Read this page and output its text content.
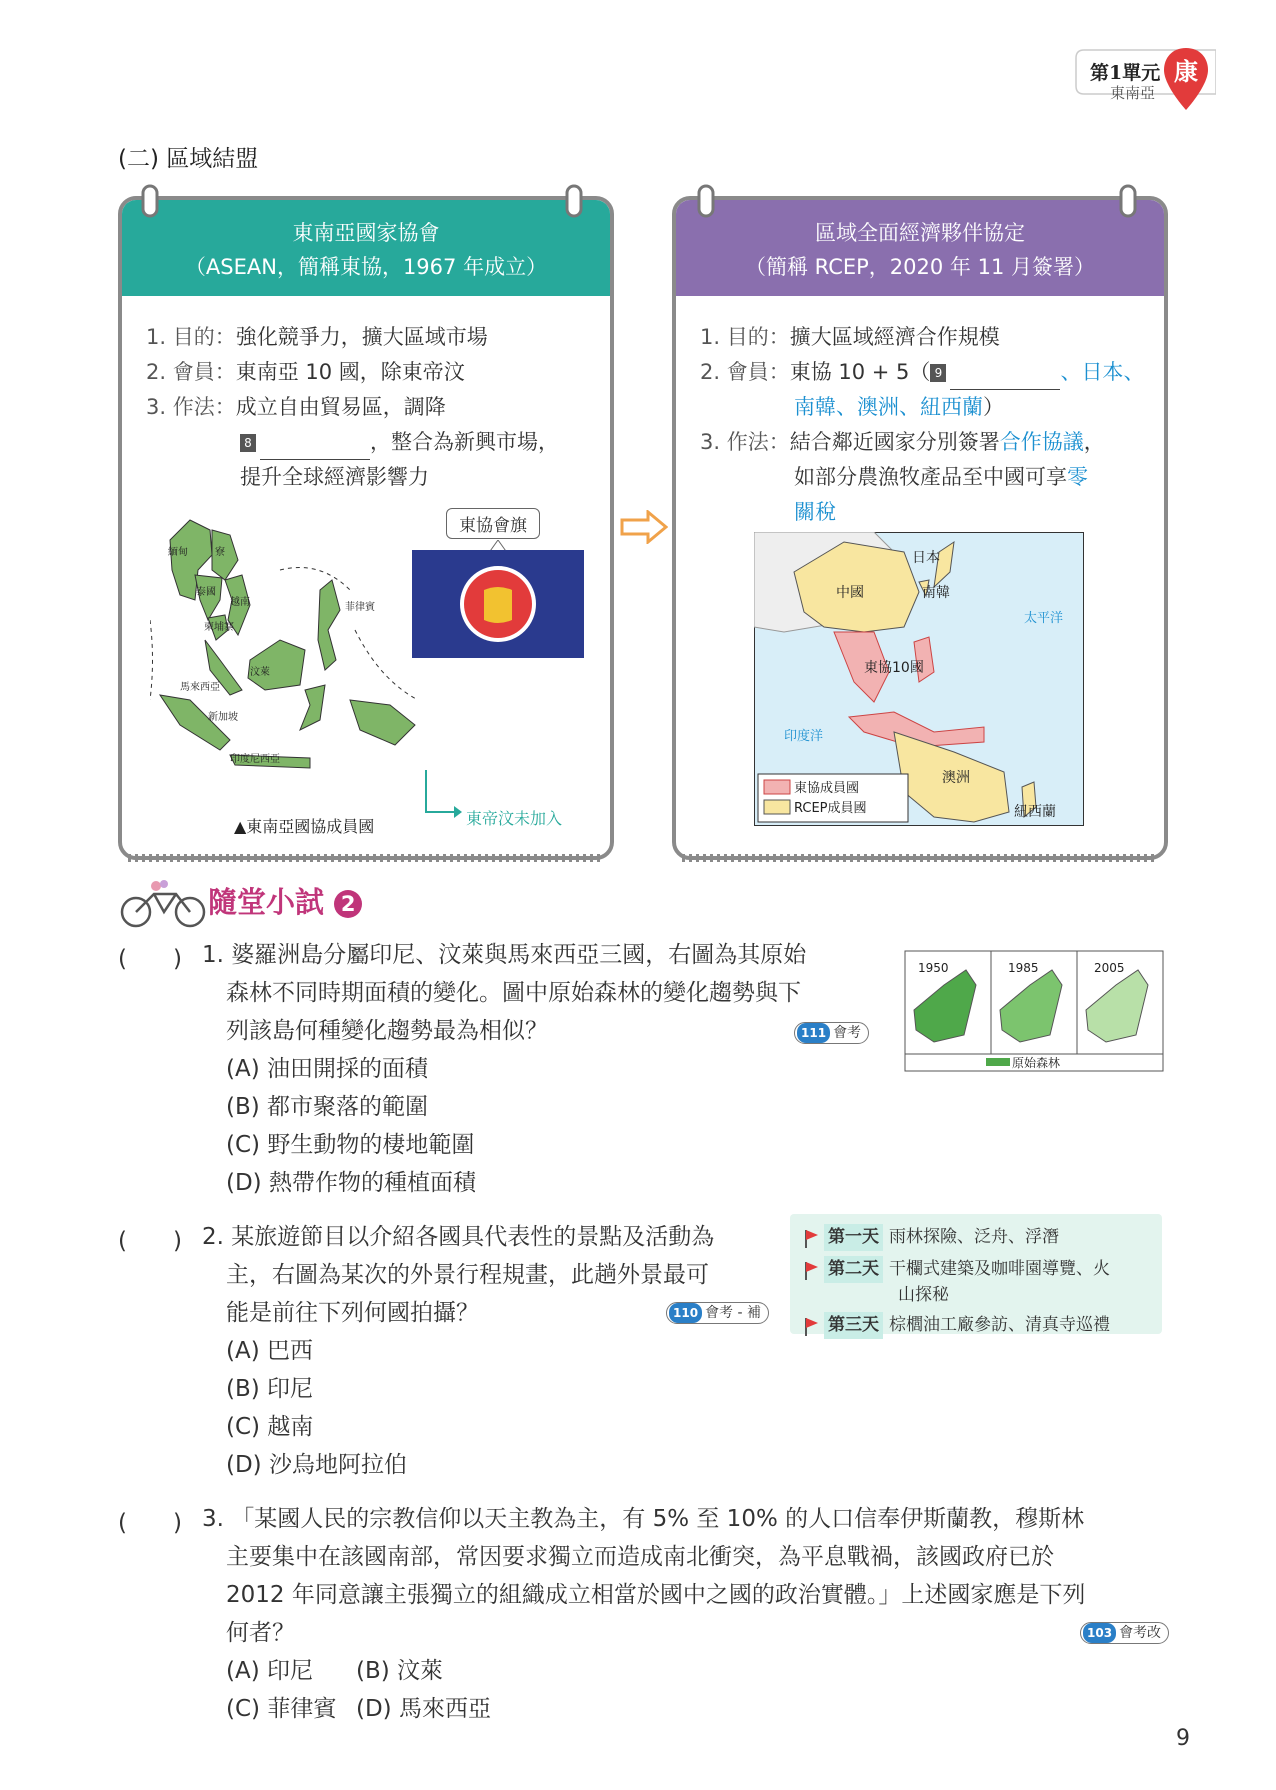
第1單元
東南亞
康
(二) 區域結盟
東南亞國家協會
（ASEAN，簡稱東協，1967 年成立）
1. 目的：強化競爭力，擴大區域市場
2. 會員：東南亞 10 國，除東帝汶
3. 作法：成立自由貿易區，調降
8	，整合為新興市場，
提升全球經濟影響力
緬甸	寮
泰國
越南
柬埔寨
菲律賓
汶萊
馬來西亞
新加坡
印度尼西亞
東協會旗
▲東南亞國協成員國	東帝汶未加入
區域全面經濟夥伴協定
（簡稱 RCEP，2020 年 11 月簽署）
1. 目的：擴大區域經濟合作規模
2. 會員：東協 10 + 5（ 9	、日本、
南韓、澳洲、紐西蘭）
3. 作法：結合鄰近國家分別簽署合作協議，
如部分農漁牧產品至中國可享零
關稅
日本
中國	南韓
東協10國
太平洋
印度洋
澳洲
紐西蘭
東協成員國
RCEP成員國
隨堂小試 2
(　　) 1. 婆羅洲島分屬印尼、汶萊與馬來西亞三國，右圖為其原始
森林不同時期面積的變化。圖中原始森林的變化趨勢與下
列該島何種變化趨勢最為相似？	111 會考
(A) 油田開採的面積
(B) 都市聚落的範圍
(C) 野生動物的棲地範圍
(D) 熱帶作物的種植面積
1950	1985	2005
原始森林
(　　) 2. 某旅遊節目以介紹各國具代表性的景點及活動為
主，右圖為某次的外景行程規畫，此趟外景最可
能是前往下列何國拍攝？	110 會考 - 補
(A) 巴西
(B) 印尼
(C) 越南
(D) 沙烏地阿拉伯
第一天 雨林探險、泛舟、浮潛
第二天 干欄式建築及咖啡園導覽、火
山探秘
第三天 棕櫚油工廠參訪、清真寺巡禮
(　　) 3. 「某國人民的宗教信仰以天主教為主，有 5% 至 10% 的人口信奉伊斯蘭教，穆斯林
主要集中在該國南部，常因要求獨立而造成南北衝突，為平息戰禍，該國政府已於
2012 年同意讓主張獨立的組織成立相當於國中之國的政治實體。」上述國家應是下列
何者？	103 會考改
(A) 印尼 (B) 汶萊
(C) 菲律賓 (D) 馬來西亞
9
